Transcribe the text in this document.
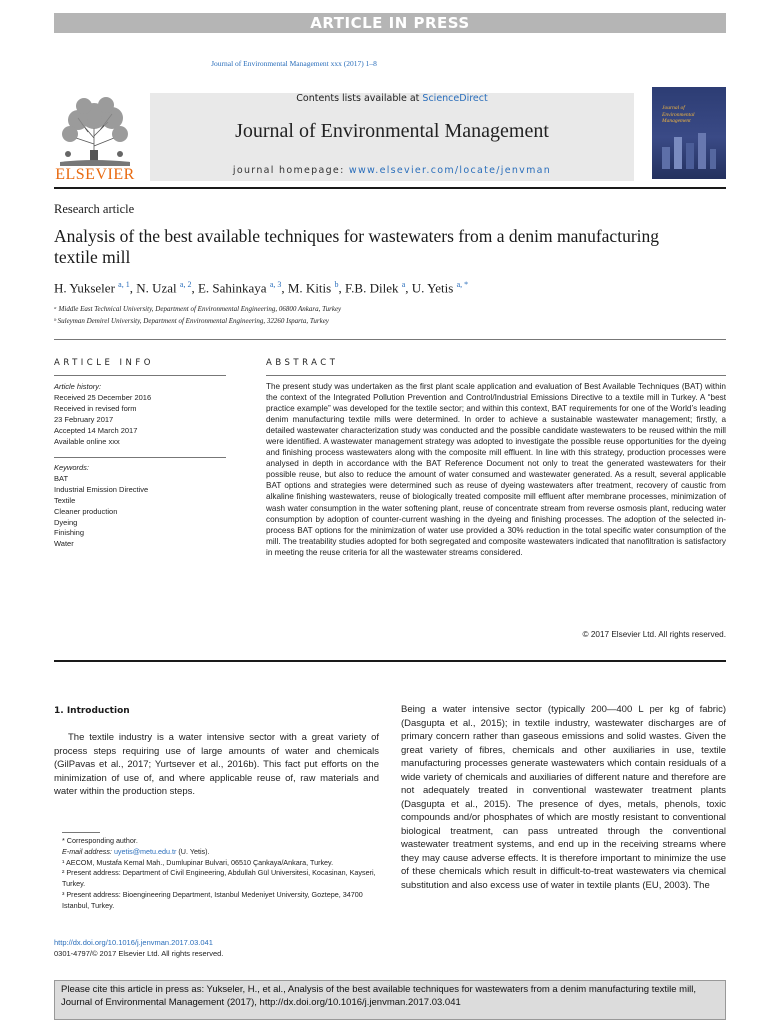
ARTICLE IN PRESS
Journal of Environmental Management xxx (2017) 1–8
ELSEVIER
Contents lists available at ScienceDirect
Journal of Environmental Management
journal homepage: www.elsevier.com/locate/jenvman
Journal of
Environmental
Management
Research article
Analysis of the best available techniques for wastewaters from a denim manufacturing textile mill
H. Yukseler $^{a, 1}$, N. Uzal $^{a, 2}$, E. Sahinkaya $^{a, 3}$, M. Kitis $^b$, F.B. Dilek $^a$, U. Yetis $^{a, *}$
ᵃ Middle East Technical University, Department of Environmental Engineering, 06800 Ankara, Turkey
ᵇ Suleyman Demirel University, Department of Environmental Engineering, 32260 Isparta, Turkey
ARTICLE INFO	ABSTRACT
Article history:
Received 25 December 2016
Received in revised form
23 February 2017
Accepted 14 March 2017
Available online xxx
Keywords:
BAT
Industrial Emission Directive
Textile
Cleaner production
Dyeing
Finishing
Water
The present study was undertaken as the first plant scale application and evaluation of Best Available Techniques (BAT) within the context of the Integrated Pollution Prevention and Control/Industrial Emissions Directive to a textile mill in Turkey. A “best practice example” was developed for the textile sector; and within this context, BAT requirements for one of the World’s leading denim manufacturing textile mills were determined. In order to achieve a sustainable wastewater management; firstly, a detailed wastewater characterization study was conducted and the possible candidate wastewaters to be reused within the mill were identified. A wastewater management strategy was adopted to investigate the possible reuse opportunities for the dyeing and finishing process wastewaters along with the composite mill effluent. In line with this strategy, production processes were analysed in depth in accordance with the BAT Reference Document not only to treat the generated wastewaters for their possible reuse, but also to reduce the amount of water consumed and wastewater generated. As a result, several applicable BAT options and strategies were determined such as reuse of dyeing wastewaters after treatment, recovery of caustic from alkaline finishing wastewaters, reuse of biologically treated composite mill effluent after membrane processes, minimization of wash water consumption in the water softening plant, reuse of concentrate stream from reverse osmosis plant, reducing water consumption by adoption of counter-current washing in the dyeing and finishing processes. The adoption of the selected in-process BAT options for the minimization of water use provided a 30% reduction in the total specific water consumption of the mill. The treatability studies adopted for both segregated and composite wastewaters indicated that nanofiltration is satisfactory in meeting the reuse criteria for all the wastewater streams considered.
© 2017 Elsevier Ltd. All rights reserved.
1. Introduction
The textile industry is a water intensive sector with a great variety of process steps requiring use of large amounts of water and chemicals (GilPavas et al., 2017; Yurtsever et al., 2016b). This fact put efforts on the minimization of use of, and where applicable reuse of, raw materials and water within the production steps.
Being a water intensive sector (typically 200—400 L per kg of fabric) (Dasgupta et al., 2015); in textile industry, wastewater discharges are of primary concern rather than gaseous emissions and solid wastes. Given the great variety of fibres, chemicals and other auxiliaries in use, textile manufacturing processes generate wastewaters which contain residuals of a wide variety of chemicals and auxiliaries of different nature and therefore are not adequately treated in conventional wastewater treatment plants (Dasgupta et al., 2015). The presence of dyes, metals, phenols, toxic compounds and/or phosphates of which are mostly resistant to conventional biological treatment, can pass untreated through the conventional wastewater treatment systems, and end up in the receiving streams where they may cause adverse effects. It is therefore important to minimize the use of these chemicals which result in difficult-to-treat wastewaters via chemical substitution and also excess use of water in textile plants (EU, 2003). The

* Corresponding author.

E-mail address: uyetis@metu.edu.tr (U. Yetis).

¹ AECOM, Mustafa Kemal Mah., Dumlupinar Bulvari, 06510 Çankaya/Ankara, Turkey.

² Present address: Department of Civil Engineering, Abdullah Gül Universitesi, Kocasinan, Kayseri, Turkey.

³ Present address: Bioengineering Department, Istanbul Medeniyet University, Goztepe, 34700 Istanbul, Turkey.

http://dx.doi.org/10.1016/j.jenvman.2017.03.041
0301-4797/© 2017 Elsevier Ltd. All rights reserved.
Please cite this article in press as: Yukseler, H., et al., Analysis of the best available techniques for wastewaters from a denim manufacturing textile mill, Journal of Environmental Management (2017), http://dx.doi.org/10.1016/j.jenvman.2017.03.041
